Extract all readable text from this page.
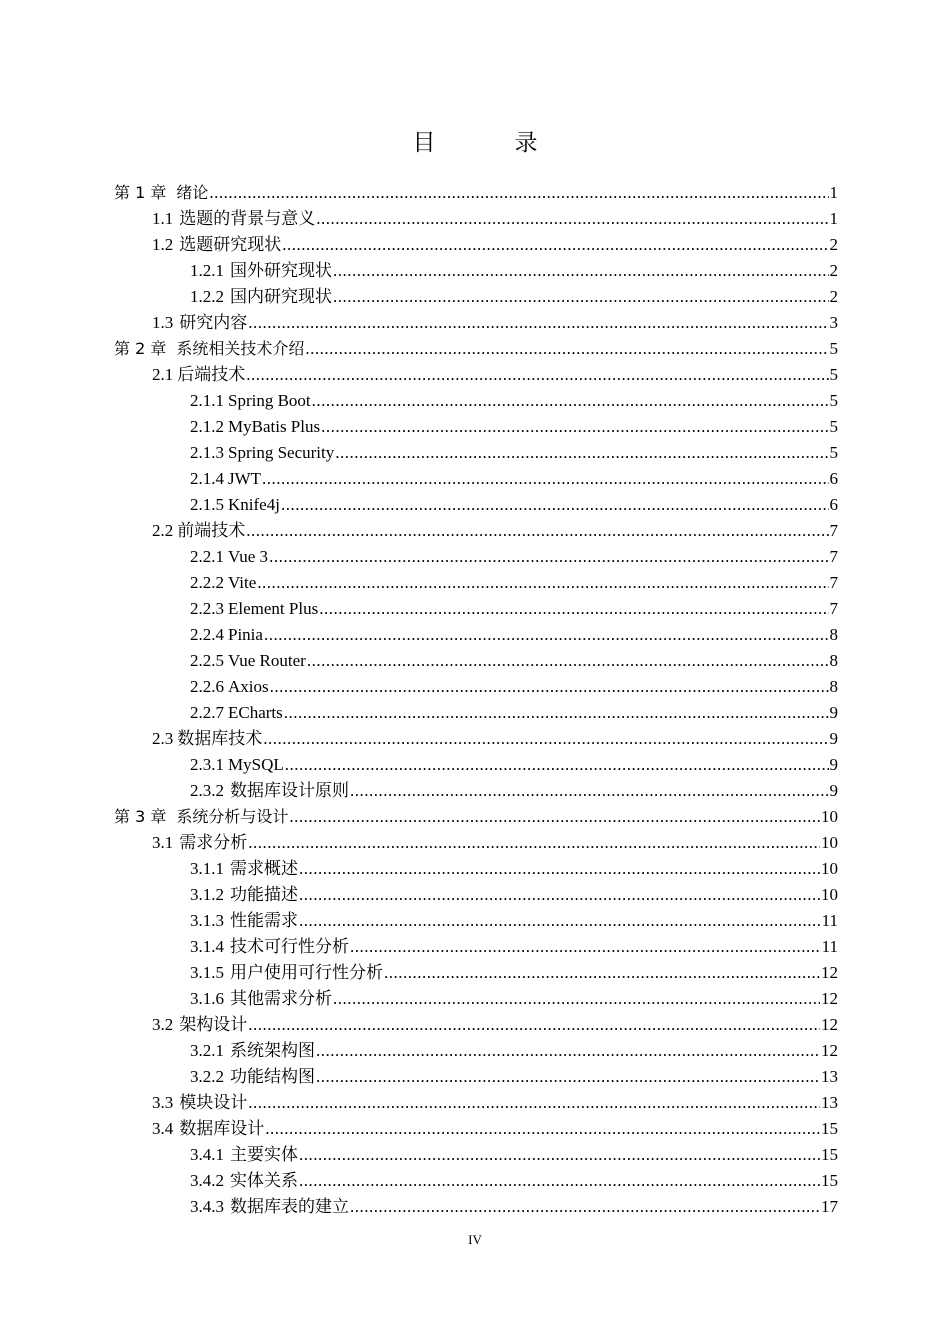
目　录
第 1 章 绪论 .....	1
1.1 选题的背景与意义 .....	1
1.2 选题研究现状 .....	2
1.2.1 国外研究现状 .....	2
1.2.2 国内研究现状 .....	2
1.3 研究内容 .....	3
第 2 章 系统相关技术介绍 .....	5
2.1 后端技术 .....	5
2.1.1 Spring Boot .....	5
2.1.2 MyBatis Plus .....	5
2.1.3 Spring Security .....	5
2.1.4 JWT .....	6
2.1.5 Knife4j .....	6
2.2 前端技术 .....	7
2.2.1 Vue 3 .....	7
2.2.2 Vite .....	7
2.2.3 Element Plus .....	7
2.2.4 Pinia .....	8
2.2.5 Vue Router .....	8
2.2.6 Axios .....	8
2.2.7 ECharts .....	9
2.3 数据库技术 .....	9
2.3.1 MySQL .....	9
2.3.2 数据库设计原则 .....	9
第 3 章 系统分析与设计 .....	10
3.1 需求分析 .....	10
3.1.1 需求概述 .....	10
3.1.2 功能描述 .....	10
3.1.3 性能需求 .....	11
3.1.4 技术可行性分析 .....	11
3.1.5 用户使用可行性分析 .....	12
3.1.6 其他需求分析 .....	12
3.2 架构设计 .....	12
3.2.1 系统架构图 .....	12
3.2.2 功能结构图 .....	13
3.3 模块设计 .....	13
3.4 数据库设计 .....	15
3.4.1 主要实体 .....	15
3.4.2 实体关系 .....	15
3.4.3 数据库表的建立 .....	17
IV
